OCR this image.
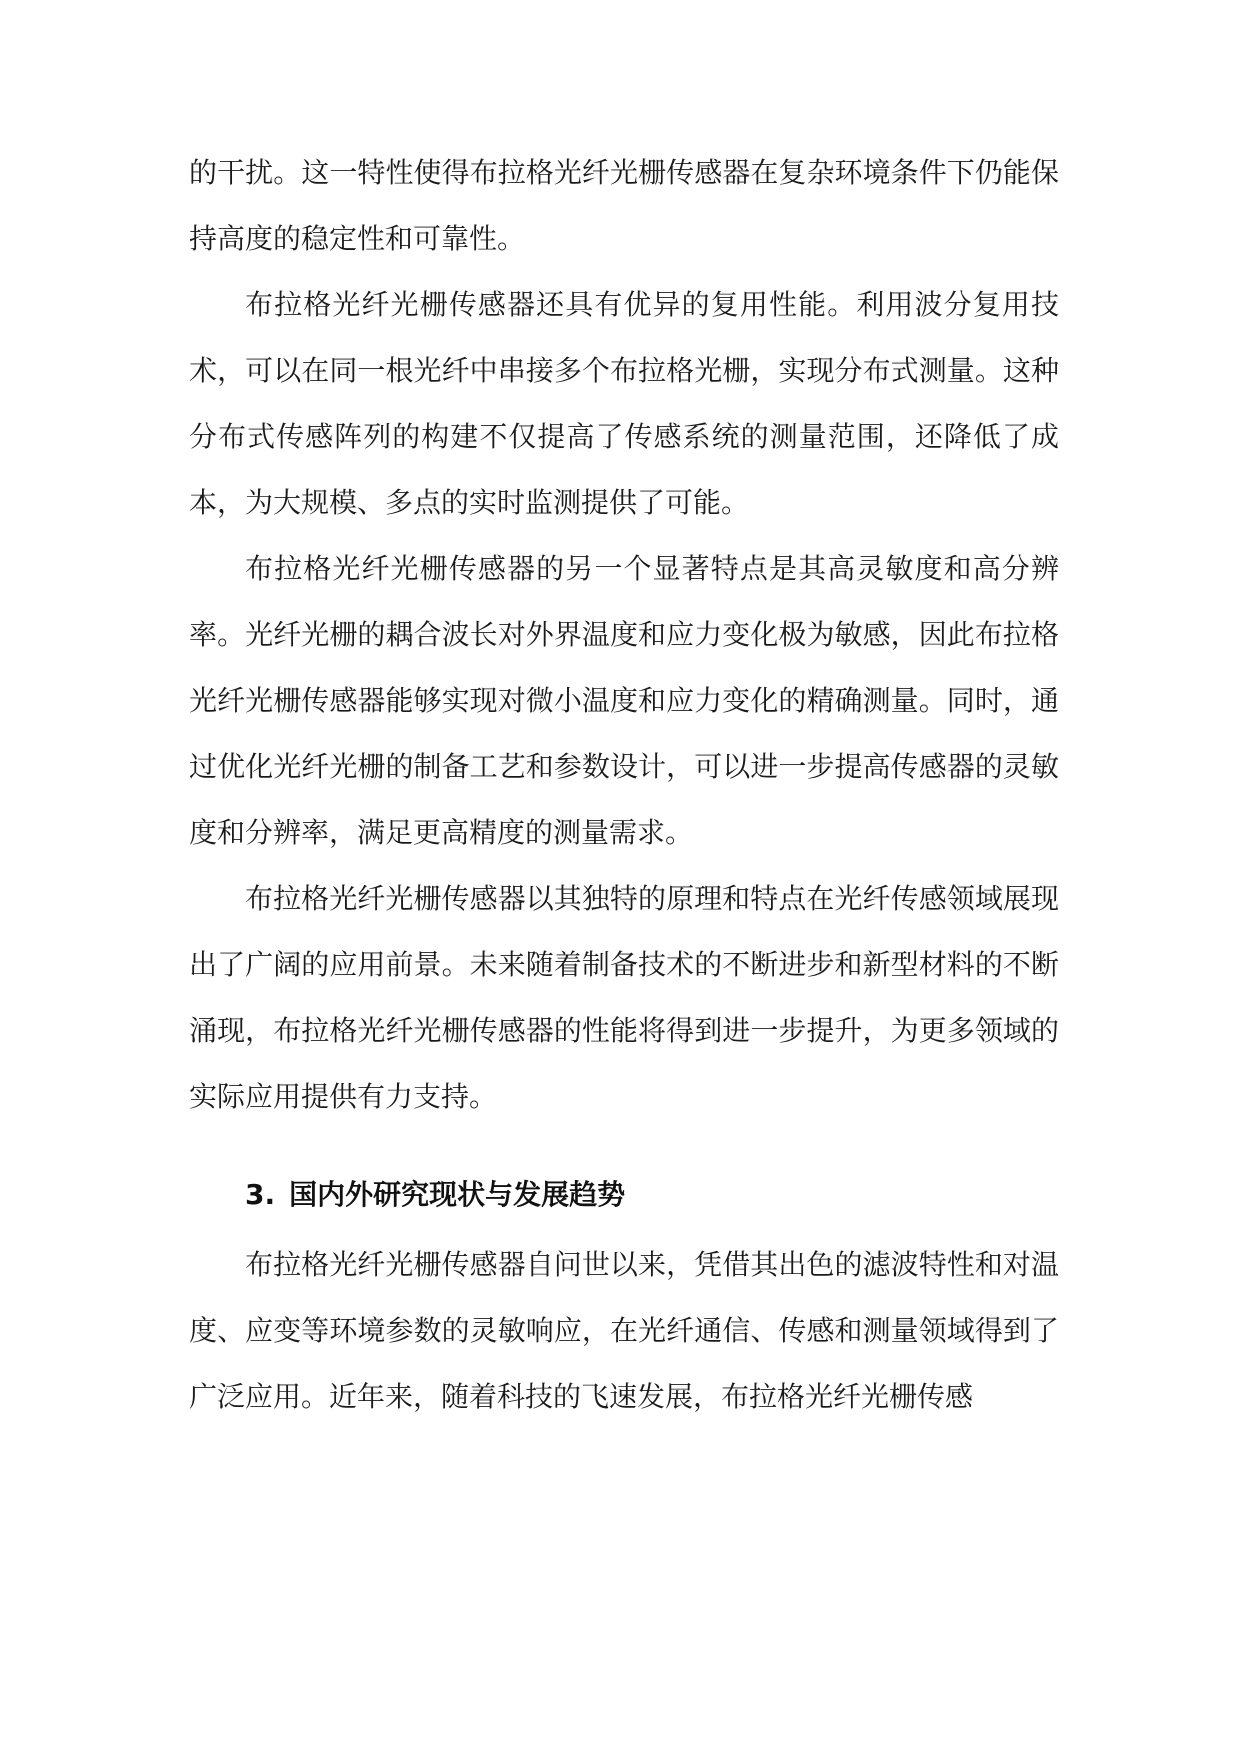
的干扰。这一特性使得布拉格光纤光栅传感器在复杂环境条件下仍能保持高度的稳定性和可靠性。

布拉格光纤光栅传感器还具有优异的复用性能。利用波分复用技术，可以在同一根光纤中串接多个布拉格光栅，实现分布式测量。这种分布式传感阵列的构建不仅提高了传感系统的测量范围，还降低了成本，为大规模、多点的实时监测提供了可能。

布拉格光纤光栅传感器的另一个显著特点是其高灵敏度和高分辨率。光纤光栅的耦合波长对外界温度和应力变化极为敏感，因此布拉格光纤光栅传感器能够实现对微小温度和应力变化的精确测量。同时，通过优化光纤光栅的制备工艺和参数设计，可以进一步提高传感器的灵敏度和分辨率，满足更高精度的测量需求。

布拉格光纤光栅传感器以其独特的原理和特点在光纤传感领域展现出了广阔的应用前景。未来随着制备技术的不断进步和新型材料的不断涌现，布拉格光纤光栅传感器的性能将得到进一步提升，为更多领域的实际应用提供有力支持。

3. 国内外研究现状与发展趋势

布拉格光纤光栅传感器自问世以来，凭借其出色的滤波特性和对温度、应变等环境参数的灵敏响应，在光纤通信、传感和测量领域得到了广泛应用。近年来，随着科技的飞速发展，布拉格光纤光栅传感
